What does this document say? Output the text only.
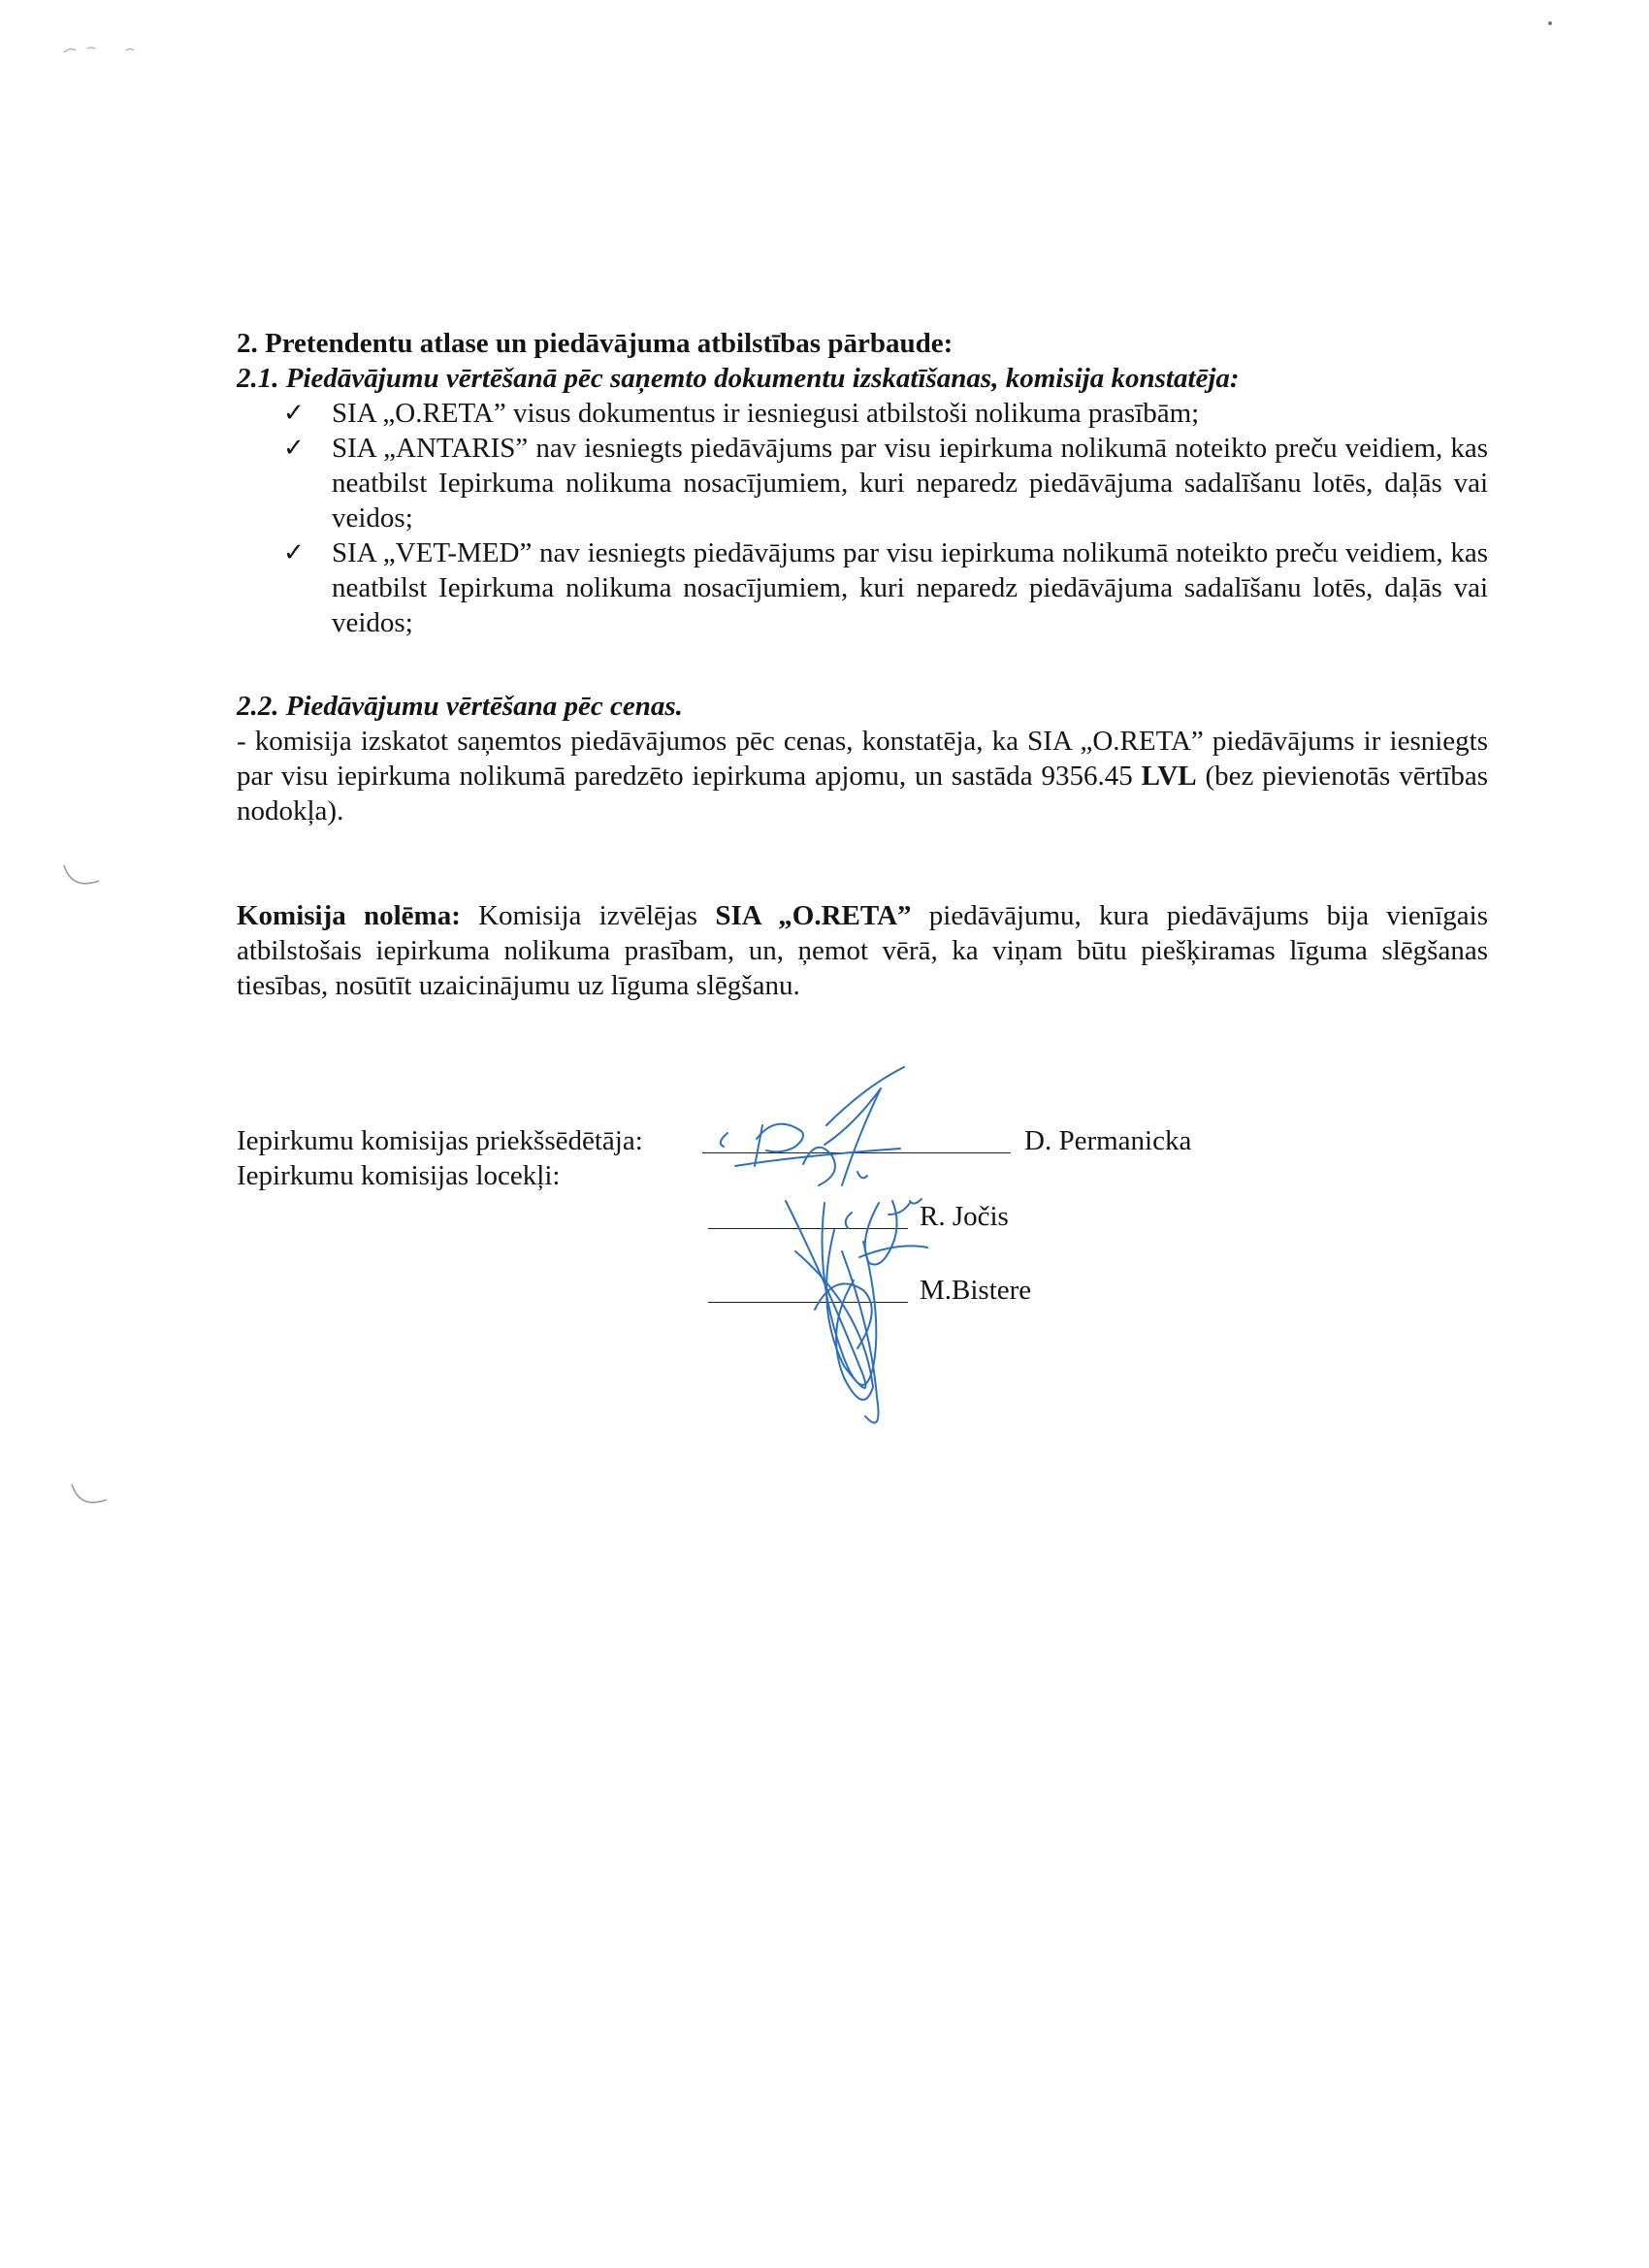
2. Pretendentu atlase un piedāvājuma atbilstības pārbaude:

2.1. Piedāvājumu vērtēšanā pēc saņemto dokumentu izskatīšanas, komisija konstatēja:

✓ SIA „O.RETA” visus dokumentus ir iesniegusi atbilstoši nolikuma prasībām;
✓ SIA „ANTARIS” nav iesniegts piedāvājums par visu iepirkuma nolikumā noteikto preču veidiem, kas neatbilst Iepirkuma nolikuma nosacījumiem, kuri neparedz piedāvājuma sadalīšanu lotēs, daļās vai veidos;
✓ SIA „VET-MED” nav iesniegts piedāvājums par visu iepirkuma nolikumā noteikto preču veidiem, kas neatbilst Iepirkuma nolikuma nosacījumiem, kuri neparedz piedāvājuma sadalīšanu lotēs, daļās vai veidos;

2.2. Piedāvājumu vērtēšana pēc cenas.

- komisija izskatot saņemtos piedāvājumos pēc cenas, konstatēja, ka SIA „O.RETA” piedāvājums ir iesniegts par visu iepirkuma nolikumā paredzēto iepirkuma apjomu, un sastāda 9356.45 LVL (bez pievienotās vērtības nodokļa).

Komisija nolēma: Komisija izvēlējas SIA „O.RETA” piedāvājumu, kura piedāvājums bija vienīgais atbilstošais iepirkuma nolikuma prasībam, un, ņemot vērā, ka viņam būtu piešķiramas līguma slēgšanas tiesības, nosūtīt uzaicinājumu uz līguma slēgšanu.

Iepirkumu komisijas priekšsēdētāja:
Iepirkumu komisijas locekļi:
D. Permanicka
R. Jočis
M.Bistere
